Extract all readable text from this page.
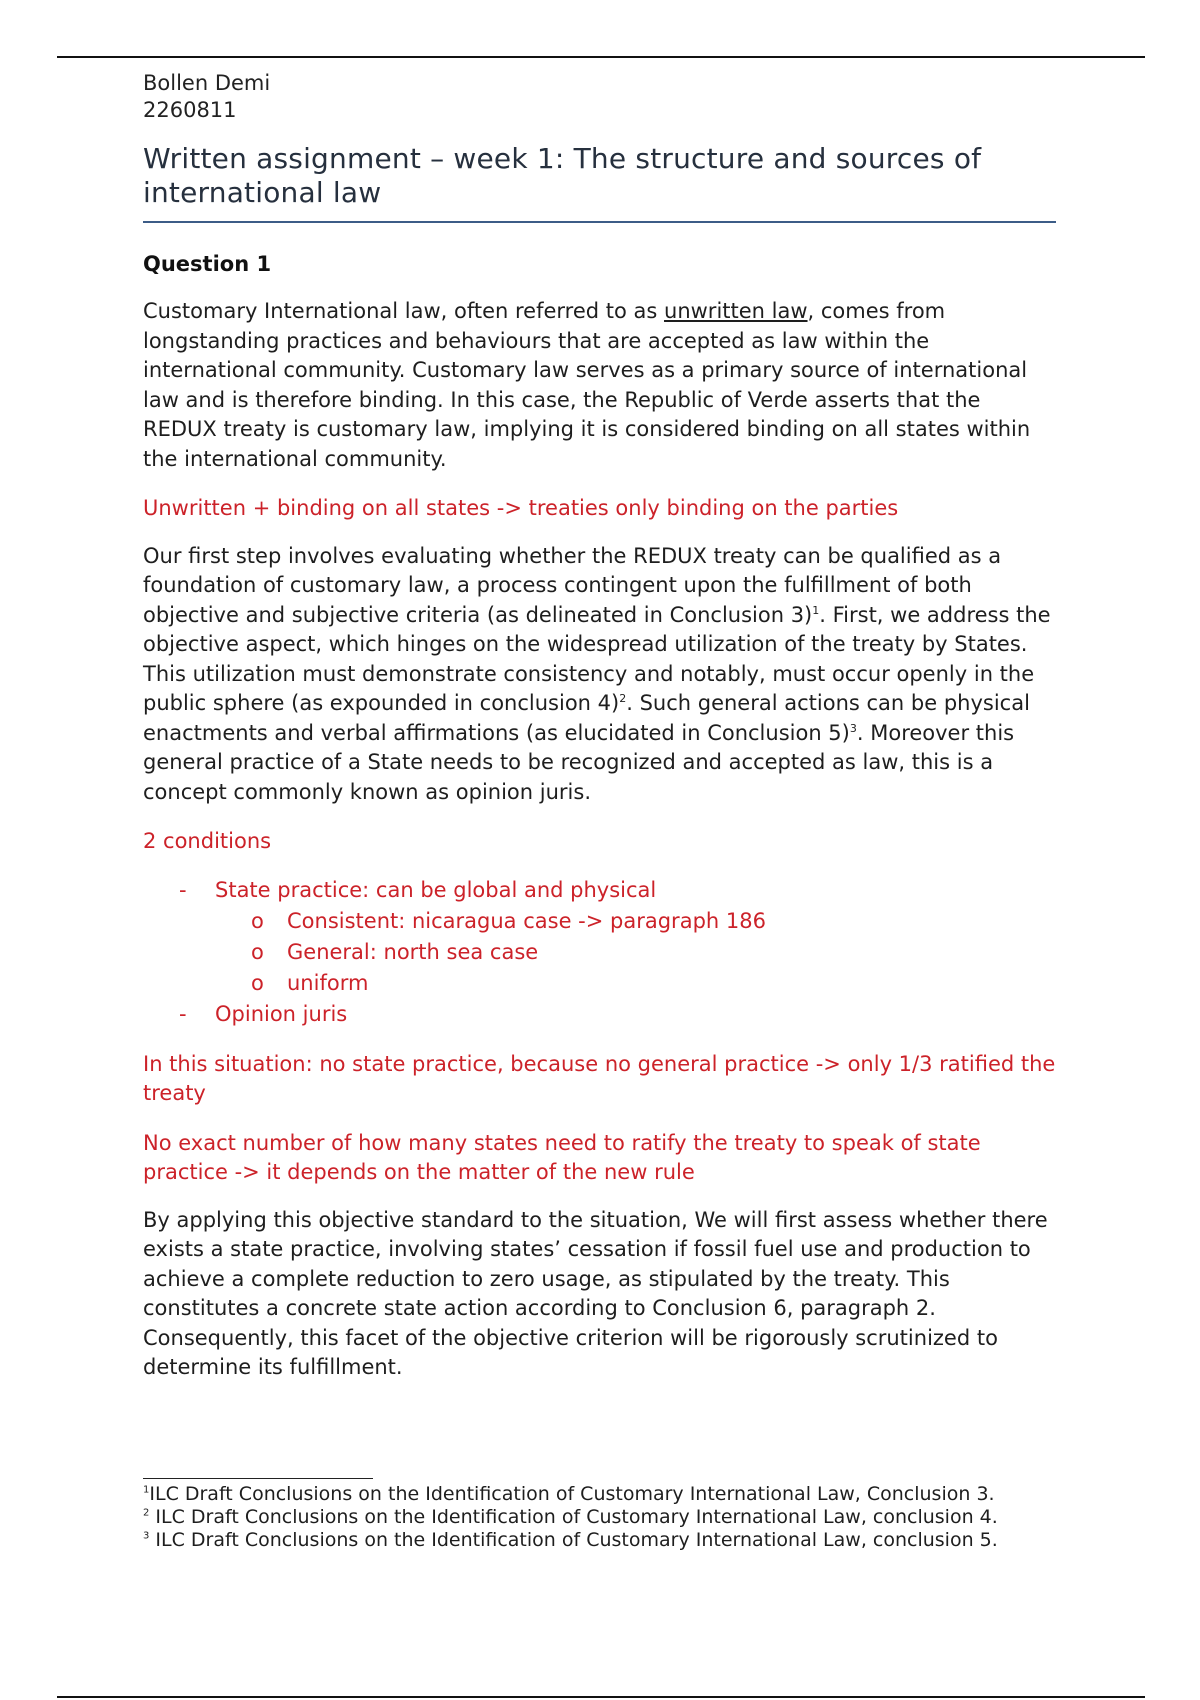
Bollen Demi
2260811
Written assignment – week 1: The structure and sources of international law
Question 1

Customary International law, often referred to as unwritten law, comes from longstanding practices and behaviours that are accepted as law within the international community. Customary law serves as a primary source of international law and is therefore binding. In this case, the Republic of Verde asserts that the REDUX treaty is customary law, implying it is considered binding on all states within the international community.

Unwritten + binding on all states -> treaties only binding on the parties

Our first step involves evaluating whether the REDUX treaty can be qualified as a foundation of customary law, a process contingent upon the fulfillment of both objective and subjective criteria (as delineated in Conclusion 3)$^1$. First, we address the objective aspect, which hinges on the widespread utilization of the treaty by States. This utilization must demonstrate consistency and notably, must occur openly in the public sphere (as expounded in conclusion 4)$^2$. Such general actions can be physical enactments and verbal affirmations (as elucidated in Conclusion 5)$^3$. Moreover this general practice of a State needs to be recognized and accepted as law, this is a concept commonly known as opinion juris.

2 conditions

- State practice: can be global and physical
o Consistent: nicaragua case -> paragraph 186
o General: north sea case
o uniform
- Opinion juris

In this situation: no state practice, because no general practice -> only 1/3 ratified the treaty

No exact number of how many states need to ratify the treaty to speak of state practice -> it depends on the matter of the new rule

By applying this objective standard to the situation, We will first assess whether there exists a state practice, involving states’ cessation if fossil fuel use and production to achieve a complete reduction to zero usage, as stipulated by the treaty. This constitutes a concrete state action according to Conclusion 6, paragraph 2. Consequently, this facet of the objective criterion will be rigorously scrutinized to determine its fulfillment.

$^1$ILC Draft Conclusions on the Identification of Customary International Law, Conclusion 3.
$^2$ ILC Draft Conclusions on the Identification of Customary International Law, conclusion 4.
$^3$ ILC Draft Conclusions on the Identification of Customary International Law, conclusion 5.
